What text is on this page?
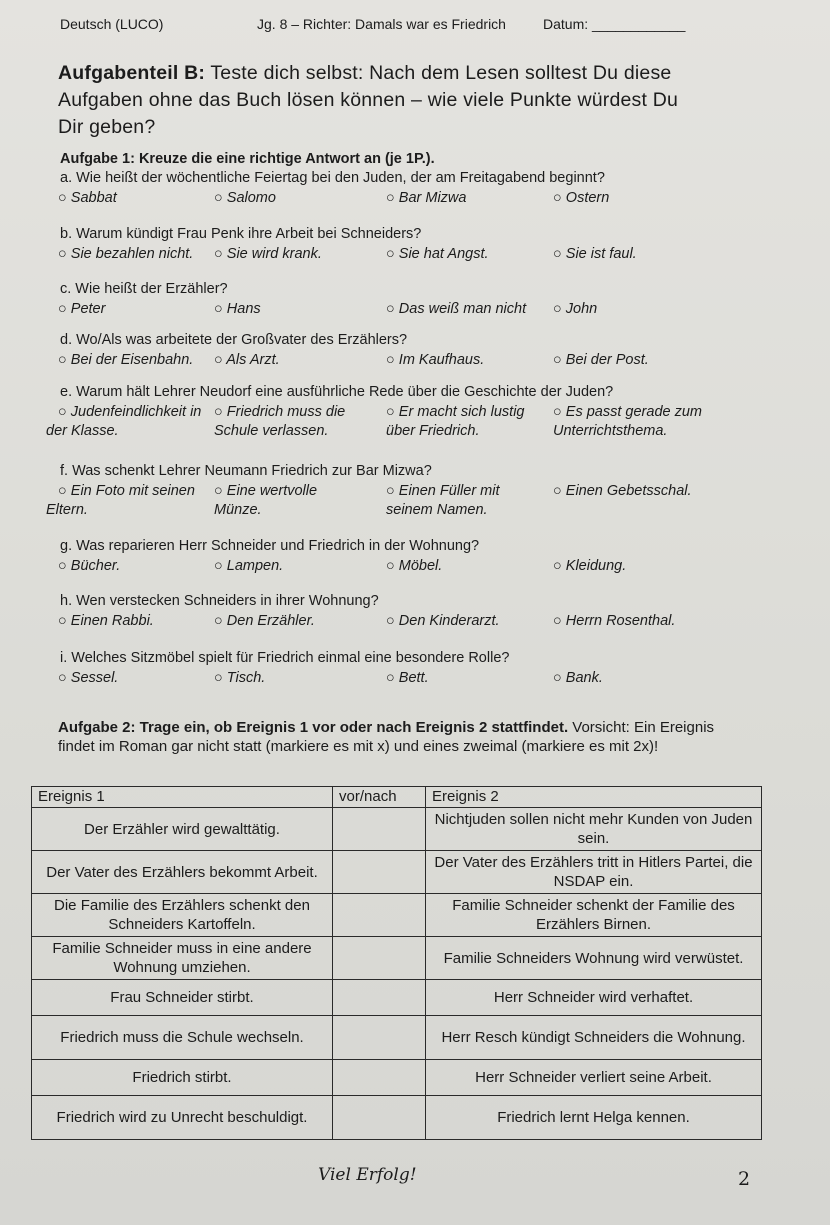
Deutsch (LUCO)	Jg. 8 – Richter: Damals war es Friedrich	Datum: ____________
Aufgabenteil B: Teste dich selbst: Nach dem Lesen solltest Du diese
Aufgaben ohne das Buch lösen können – wie viele Punkte würdest Du
Dir geben?
Aufgabe 1: Kreuze die eine richtige Antwort an (je 1P.).
a. Wie heißt der wöchentliche Feiertag bei den Juden, der am Freitagabend beginnt?
○ Sabbat	○ Salomo	○ Bar Mizwa	○ Ostern
b. Warum kündigt Frau Penk ihre Arbeit bei Schneiders?
○ Sie bezahlen nicht. ○ Sie wird krank.	○ Sie hat Angst.	○ Sie ist faul.
c. Wie heißt der Erzähler?
○ Peter	○ Hans	○ Das weiß man nicht ○ John
d. Wo/Als was arbeitete der Großvater des Erzählers?
○ Bei der Eisenbahn. ○ Als Arzt.	○ Im Kaufhaus.	○ Bei der Post.
e. Warum hält Lehrer Neudorf eine ausführliche Rede über die Geschichte der Juden?
○ Judenfeindlichkeit in
der Klasse.
○ Friedrich muss die
Schule verlassen.
○ Er macht sich lustig
über Friedrich.
○ Es passt gerade zum
Unterrichtsthema.
f. Was schenkt Lehrer Neumann Friedrich zur Bar Mizwa?
○ Ein Foto mit seinen
Eltern.
○ Eine wertvolle
Münze.
○ Einen Füller mit
seinem Namen.
○ Einen Gebetsschal.
g. Was reparieren Herr Schneider und Friedrich in der Wohnung?
○ Bücher.	○ Lampen.	○ Möbel.	○ Kleidung.
h. Wen verstecken Schneiders in ihrer Wohnung?
○ Einen Rabbi.	○ Den Erzähler.	○ Den Kinderarzt.	○ Herrn Rosenthal.
i. Welches Sitzmöbel spielt für Friedrich einmal eine besondere Rolle?
○ Sessel.	○ Tisch.	○ Bett.	○ Bank.
Aufgabe 2: Trage ein, ob Ereignis 1 vor oder nach Ereignis 2 stattfindet. Vorsicht: Ein Ereignis findet im Roman gar nicht statt (markiere es mit x) und eines zweimal (markiere es mit 2x)!
Ereignis 1	vor/nach	Ereignis 2
Der Erzähler wird gewalttätig.		Nichtjuden sollen nicht mehr Kunden von Juden sein.
Der Vater des Erzählers bekommt Arbeit.		Der Vater des Erzählers tritt in Hitlers Partei, die NSDAP ein.
Die Familie des Erzählers schenkt den Schneiders Kartoffeln.		Familie Schneider schenkt der Familie des Erzählers Birnen.
Familie Schneider muss in eine andere Wohnung umziehen.		Familie Schneiders Wohnung wird verwüstet.
Frau Schneider stirbt.		Herr Schneider wird verhaftet.
Friedrich muss die Schule wechseln.		Herr Resch kündigt Schneiders die Wohnung.
Friedrich stirbt.		Herr Schneider verliert seine Arbeit.
Friedrich wird zu Unrecht beschuldigt.		Friedrich lernt Helga kennen.
Viel Erfolg!	2
